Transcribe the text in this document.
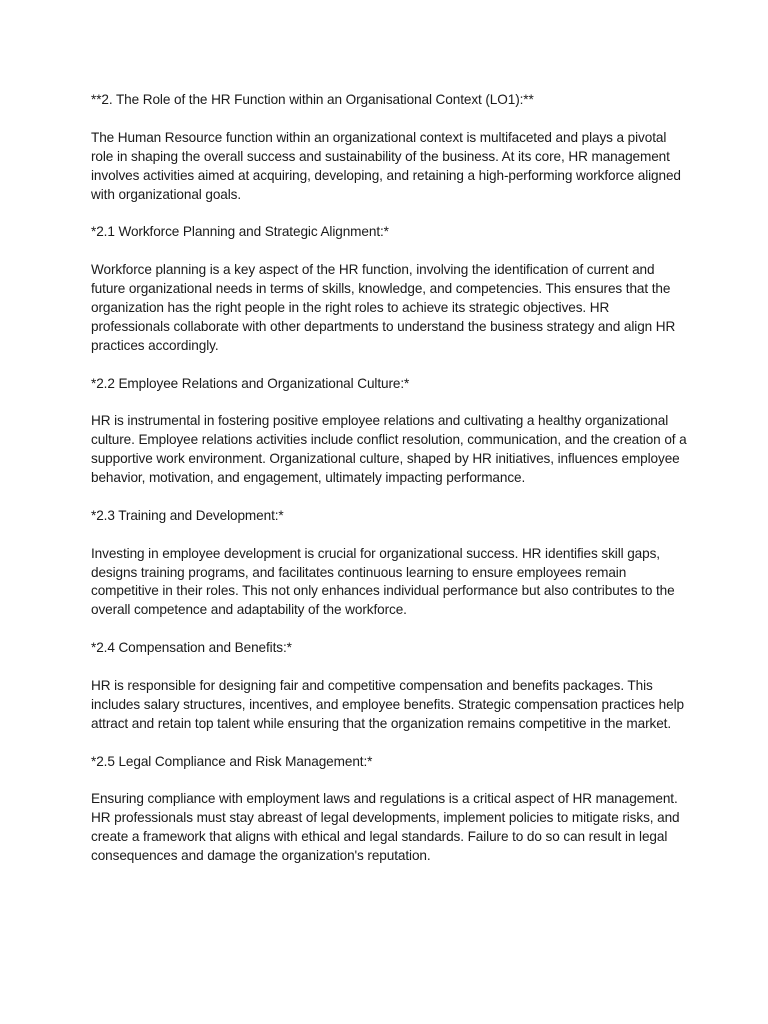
**2. The Role of the HR Function within an Organisational Context (LO1):**

The Human Resource function within an organizational context is multifaceted and plays a pivotal role in shaping the overall success and sustainability of the business. At its core, HR management involves activities aimed at acquiring, developing, and retaining a high-performing workforce aligned with organizational goals.

*2.1 Workforce Planning and Strategic Alignment:*

Workforce planning is a key aspect of the HR function, involving the identification of current and future organizational needs in terms of skills, knowledge, and competencies. This ensures that the organization has the right people in the right roles to achieve its strategic objectives. HR professionals collaborate with other departments to understand the business strategy and align HR practices accordingly.

*2.2 Employee Relations and Organizational Culture:*

HR is instrumental in fostering positive employee relations and cultivating a healthy organizational culture. Employee relations activities include conflict resolution, communication, and the creation of a supportive work environment. Organizational culture, shaped by HR initiatives, influences employee behavior, motivation, and engagement, ultimately impacting performance.

*2.3 Training and Development:*

Investing in employee development is crucial for organizational success. HR identifies skill gaps, designs training programs, and facilitates continuous learning to ensure employees remain competitive in their roles. This not only enhances individual performance but also contributes to the overall competence and adaptability of the workforce.

*2.4 Compensation and Benefits:*

HR is responsible for designing fair and competitive compensation and benefits packages. This includes salary structures, incentives, and employee benefits. Strategic compensation practices help attract and retain top talent while ensuring that the organization remains competitive in the market.

*2.5 Legal Compliance and Risk Management:*

Ensuring compliance with employment laws and regulations is a critical aspect of HR management. HR professionals must stay abreast of legal developments, implement policies to mitigate risks, and create a framework that aligns with ethical and legal standards. Failure to do so can result in legal consequences and damage the organization's reputation.
